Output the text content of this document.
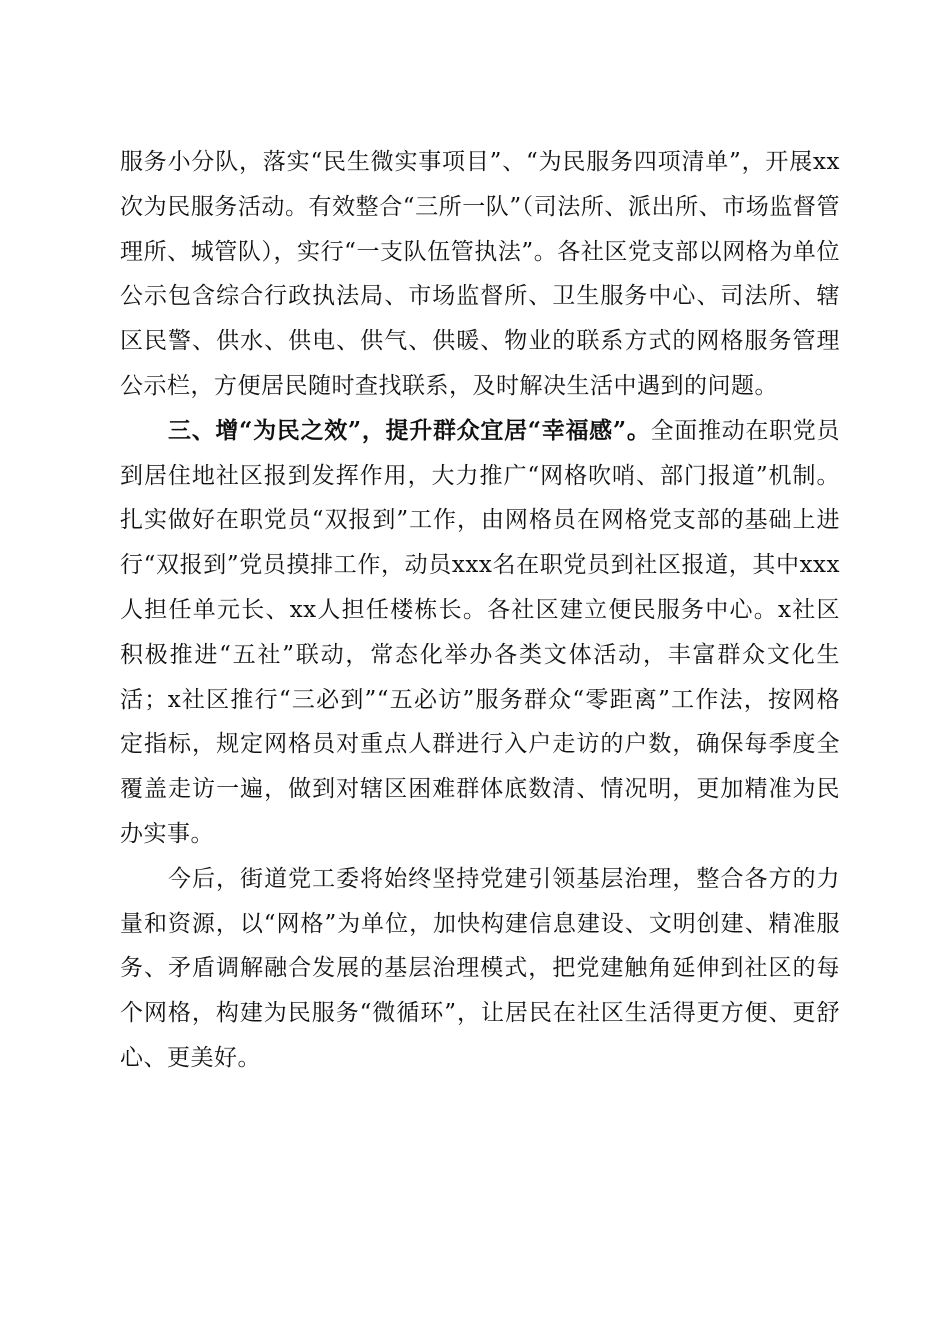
服务小分队，落实“民生微实事项目”、“为民服务四项清单”，开展xx次为民服务活动。有效整合“三所一队”（司法所、派出所、市场监督管理所、城管队），实行“一支队伍管执法”。各社区党支部以网格为单位公示包含综合行政执法局、市场监督所、卫生服务中心、司法所、辖区民警、供水、供电、供气、供暖、物业的联系方式的网格服务管理公示栏，方便居民随时查找联系，及时解决生活中遇到的问题。

三、增“为民之效”，提升群众宜居“幸福感”。全面推动在职党员到居住地社区报到发挥作用，大力推广“网格吹哨、部门报道”机制。扎实做好在职党员“双报到”工作，由网格员在网格党支部的基础上进行“双报到”党员摸排工作，动员xxx名在职党员到社区报道，其中xxx人担任单元长、xx人担任楼栋长。各社区建立便民服务中心。x社区积极推进“五社”联动，常态化举办各类文体活动，丰富群众文化生活；x社区推行“三必到”“五必访”服务群众“零距离”工作法，按网格定指标，规定网格员对重点人群进行入户走访的户数，确保每季度全覆盖走访一遍，做到对辖区困难群体底数清、情况明，更加精准为民办实事。

今后，街道党工委将始终坚持党建引领基层治理，整合各方的力量和资源，以“网格”为单位，加快构建信息建设、文明创建、精准服务、矛盾调解融合发展的基层治理模式，把党建触角延伸到社区的每个网格，构建为民服务“微循环”，让居民在社区生活得更方便、更舒心、更美好。
